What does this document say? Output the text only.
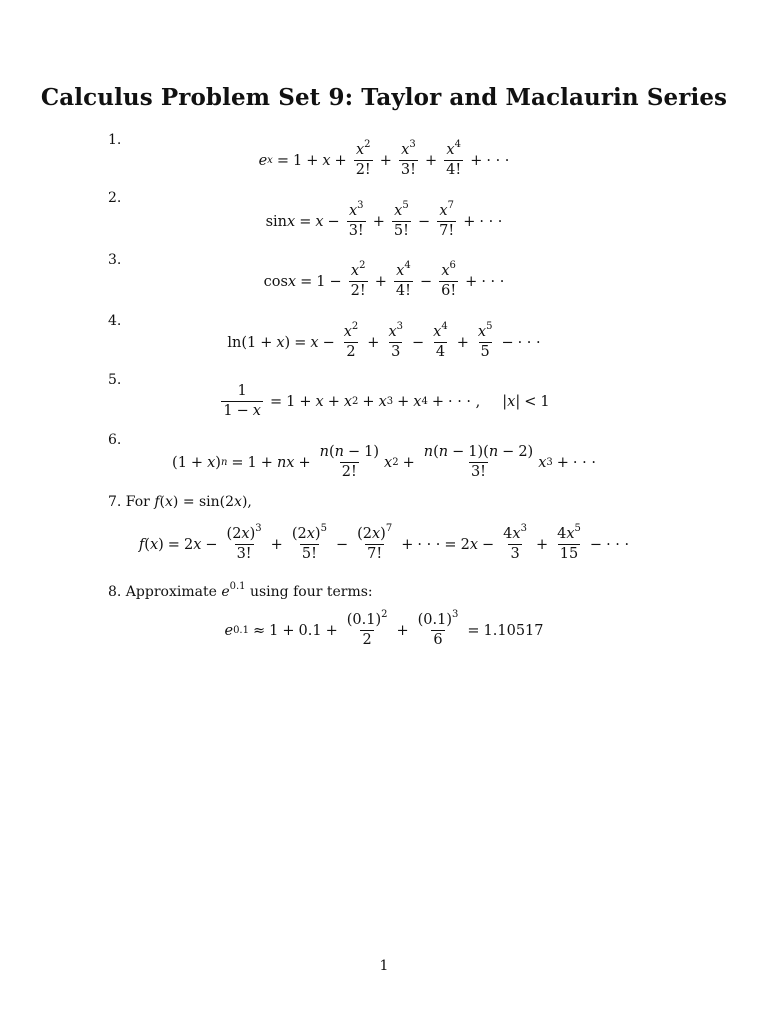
Calculus Problem Set 9: Taylor and Maclaurin Series
1.
e $x = 1 + x + \frac{x^2}{2!} + \frac{x^3}{3!} + \frac{x^4}{4!}$ + · · ·
2.
$\sin x = x - \frac{x^3}{3!} + \frac{x^5}{5!} - \frac{x^7}{7!}$ + · · ·
3.
$\cos x = 1 - \frac{x^2}{2!} + \frac{x^4}{4!} - \frac{x^6}{6!}$ + · · ·
4.
ln(1 + x ) = $x - \frac{x^2}{2} + \frac{x^3}{3} - \frac{x^4}{4} + \frac{x^5}{5}$ − · · ·
5.
$\frac{1}{1 - x} = 1 + x + x$ 2 + x 3 + x 4 + · · · , | x | < 1
6.
(1 + x ) n = 1 + nx + $\frac{n(n - 1)}{2!}$ x $2 + \frac{n(n - 1)(n - 2)}{3!}$ x 3 + · · ·
7. For f(x) = sin(2x),
f ( x ) = 2 $x - \frac{(2x)^3}{3!} + \frac{(2x)^5}{5!} - \frac{(2x)^7}{7!}$ + · · · = 2 $x - \frac{4x^3}{3} + \frac{4x^5}{15}$ − · · ·
8. Approximate $e^{0.1}$ using four terms:
e $0.1 \approx 1 + 0.1 + \frac{(0.1)^2}{2} + \frac{(0.1)^3}{6} = 1.10517$
1
